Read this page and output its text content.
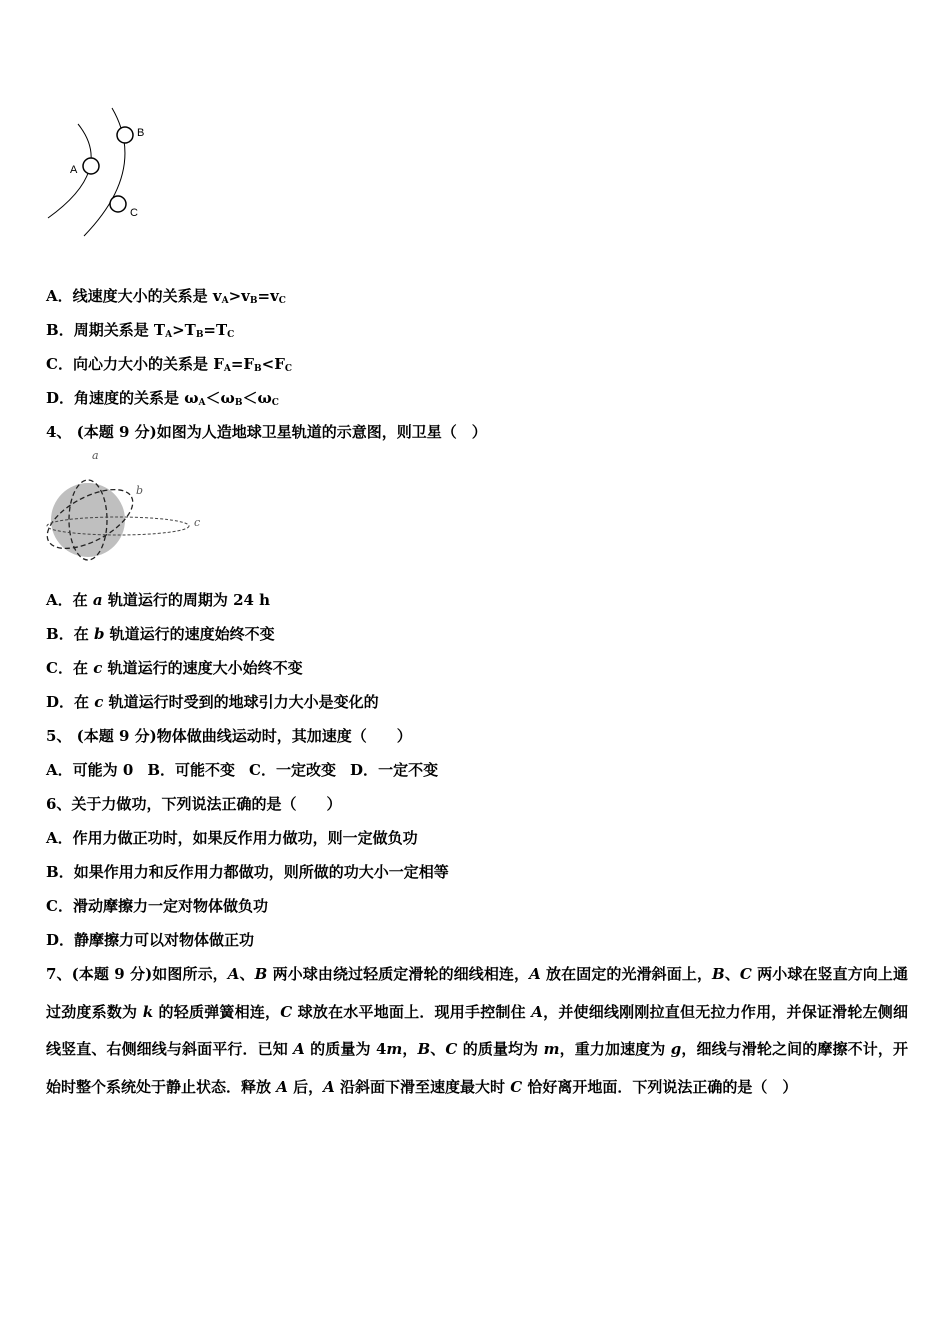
A
B
C
A．线速度大小的关系是 $v_A>v_B=v_C$
B．周期关系是 $T_A>T_B=T_C$
C．向心力大小的关系是 $F_A=F_B<F_C$
D．角速度的关系是 $\omega_A<\omega_B<\omega_C$
4、 (本题 9 分)如图为人造地球卫星轨道的示意图，则卫星（　）
a
b
c
A．在 a 轨道运行的周期为 24 h
B．在 b 轨道运行的速度始终不变
C．在 c 轨道运行的速度大小始终不变
D．在 c 轨道运行时受到的地球引力大小是变化的
5、 (本题 9 分)物体做曲线运动时，其加速度（　　）
A．可能为 0 B．可能不变 C．一定改变 D．一定不变
6、关于力做功，下列说法正确的是（　　）
A．作用力做正功时，如果反作用力做功，则一定做负功
B．如果作用力和反作用力都做功，则所做的功大小一定相等
C．滑动摩擦力一定对物体做负功
D．静摩擦力可以对物体做正功
7、(本题 9 分)如图所示，A、B 两小球由绕过轻质定滑轮的细线相连，A 放在固定的光滑斜面上，B、C 两小球在竖直方向上通过劲度系数为 k 的轻质弹簧相连，C 球放在水平地面上．现用手控制住 A，并使细线刚刚拉直但无拉力作用，并保证滑轮左侧细线竖直、右侧细线与斜面平行．已知 A 的质量为 4m，B、C 的质量均为 m，重力加速度为 g，细线与滑轮之间的摩擦不计，开始时整个系统处于静止状态．释放 A 后，A 沿斜面下滑至速度最大时 C 恰好离开地面．下列说法正确的是（　）
